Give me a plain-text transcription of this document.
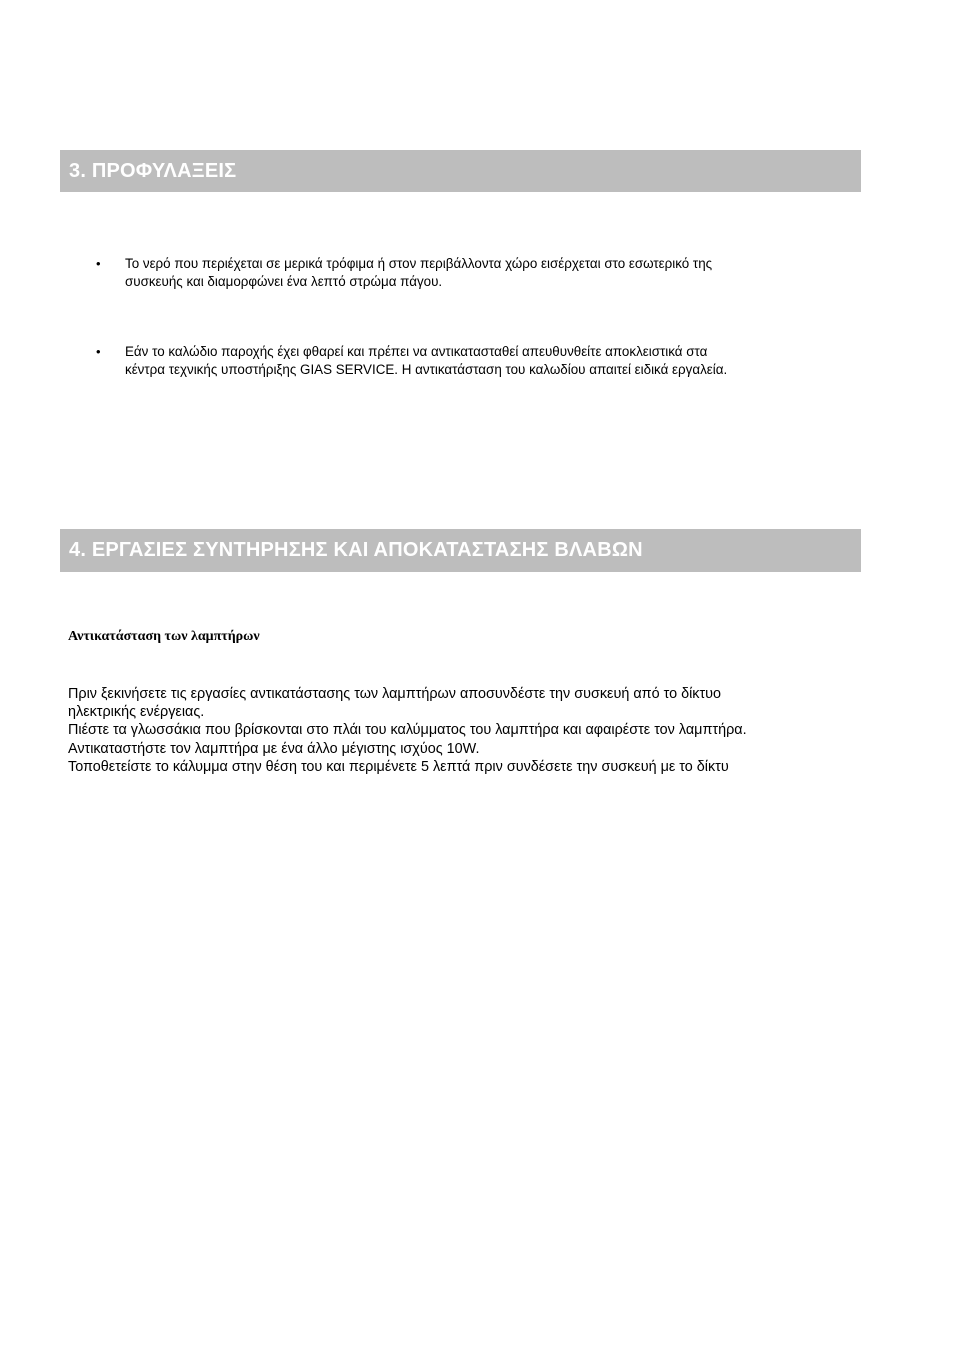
3. ΠΡΟΦΥΛΑΞΕΙΣ
•	Το νερό που περιέχεται σε μερικά τρόφιμα ή στον περιβάλλοντα χώρο εισέρχεται στο εσωτερικό της
συσκευής και διαμορφώνει ένα λεπτό στρώμα πάγου.
•	Εάν το καλώδιο παροχής έχει φθαρεί και πρέπει να αντικατασταθεί απευθυνθείτε αποκλειστικά στα
κέντρα τεχνικής υποστήριξης GIAS SERVICE. Η αντικατάσταση του καλωδίου απαιτεί ειδικά εργαλεία.
4. ΕΡΓΑΣΙΕΣ ΣΥΝΤΗΡΗΣΗΣ ΚΑΙ ΑΠΟΚΑΤΑΣΤΑΣΗΣ ΒΛΑΒΩΝ
Αντικατάσταση των λαμπτήρων
Πριν ξεκινήσετε τις εργασίες αντικατάστασης των λαμπτήρων αποσυνδέστε την συσκευή από το δίκτυο
ηλεκτρικής ενέργειας.
Πιέστε τα γλωσσάκια που βρίσκονται στο πλάι του καλύμματος του λαμπτήρα και αφαιρέστε τον λαμπτήρα.
Αντικαταστήστε τον λαμπτήρα με ένα άλλο μέγιστης ισχύος 10W.
Τοποθετείστε το κάλυμμα στην θέση του και περιμένετε 5 λεπτά πριν συνδέσετε την συσκευή με το δίκτυ
